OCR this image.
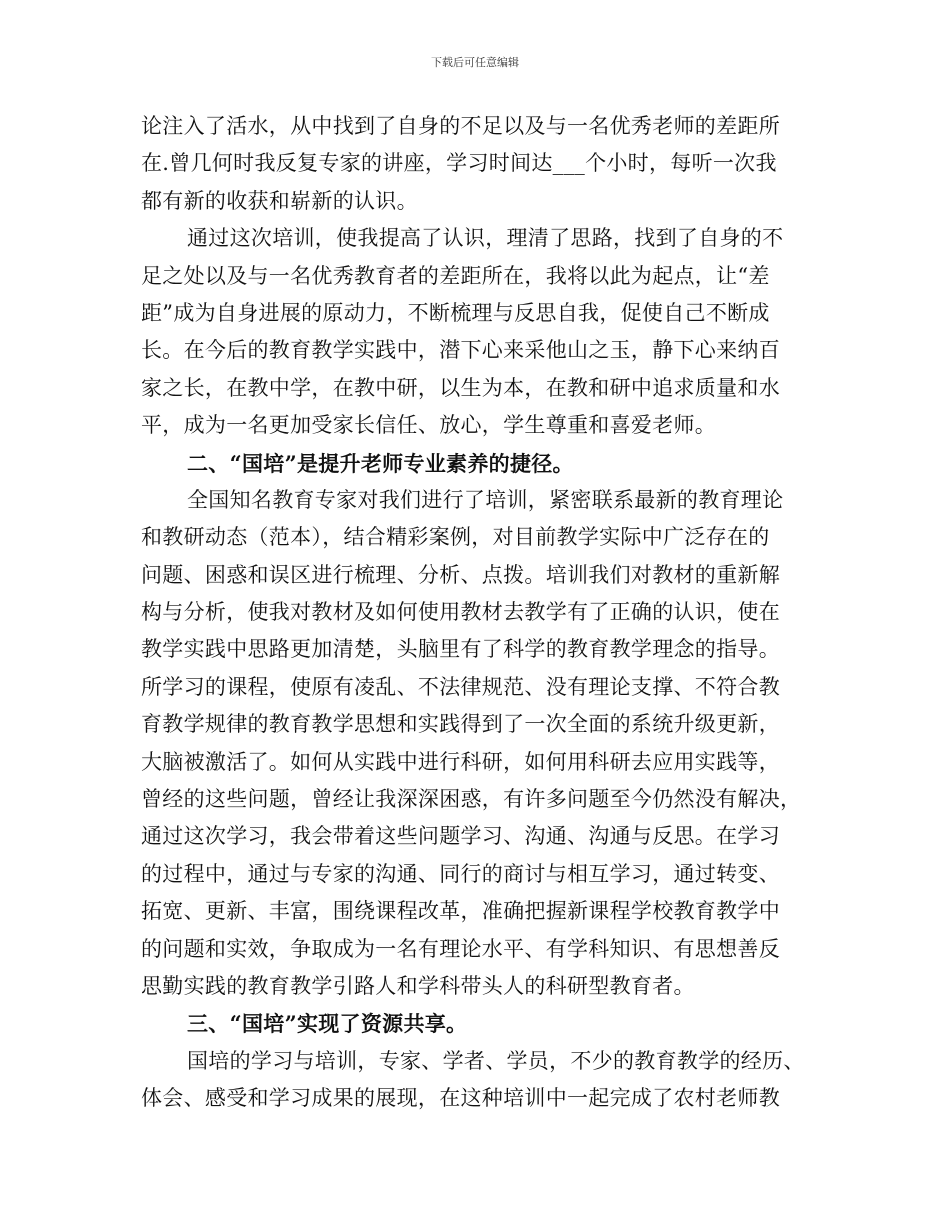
下载后可任意编辑
论注入了活水，从中找到了自身的不足以及与一名优秀老师的差距所
在.曾几何时我反复专家的讲座，学习时间达___个小时，每听一次我
都有新的收获和崭新的认识。
通过这次培训，使我提高了认识，理清了思路，找到了自身的不
足之处以及与一名优秀教育者的差距所在，我将以此为起点，让“差
距”成为自身进展的原动力，不断梳理与反思自我，促使自己不断成
长。在今后的教育教学实践中，潜下心来采他山之玉，静下心来纳百
家之长，在教中学，在教中研，以生为本，在教和研中追求质量和水
平，成为一名更加受家长信任、放心，学生尊重和喜爱老师。
二、“国培”是提升老师专业素养的捷径。
全国知名教育专家对我们进行了培训，紧密联系最新的教育理论
和教研动态（范本），结合精彩案例，对目前教学实际中广泛存在的
问题、困惑和误区进行梳理、分析、点拨。培训我们对教材的重新解
构与分析，使我对教材及如何使用教材去教学有了正确的认识，使在
教学实践中思路更加清楚，头脑里有了科学的教育教学理念的指导。
所学习的课程，使原有凌乱、不法律规范、没有理论支撑、不符合教
育教学规律的教育教学思想和实践得到了一次全面的系统升级更新，
大脑被激活了。如何从实践中进行科研，如何用科研去应用实践等，
曾经的这些问题，曾经让我深深困惑，有许多问题至今仍然没有解决，
通过这次学习，我会带着这些问题学习、沟通、沟通与反思。在学习
的过程中，通过与专家的沟通、同行的商讨与相互学习，通过转变、
拓宽、更新、丰富，围绕课程改革，准确把握新课程学校教育教学中
的问题和实效，争取成为一名有理论水平、有学科知识、有思想善反
思勤实践的教育教学引路人和学科带头人的科研型教育者。
三、“国培”实现了资源共享。
国培的学习与培训，专家、学者、学员，不少的教育教学的经历、
体会、感受和学习成果的展现，在这种培训中一起完成了农村老师教
